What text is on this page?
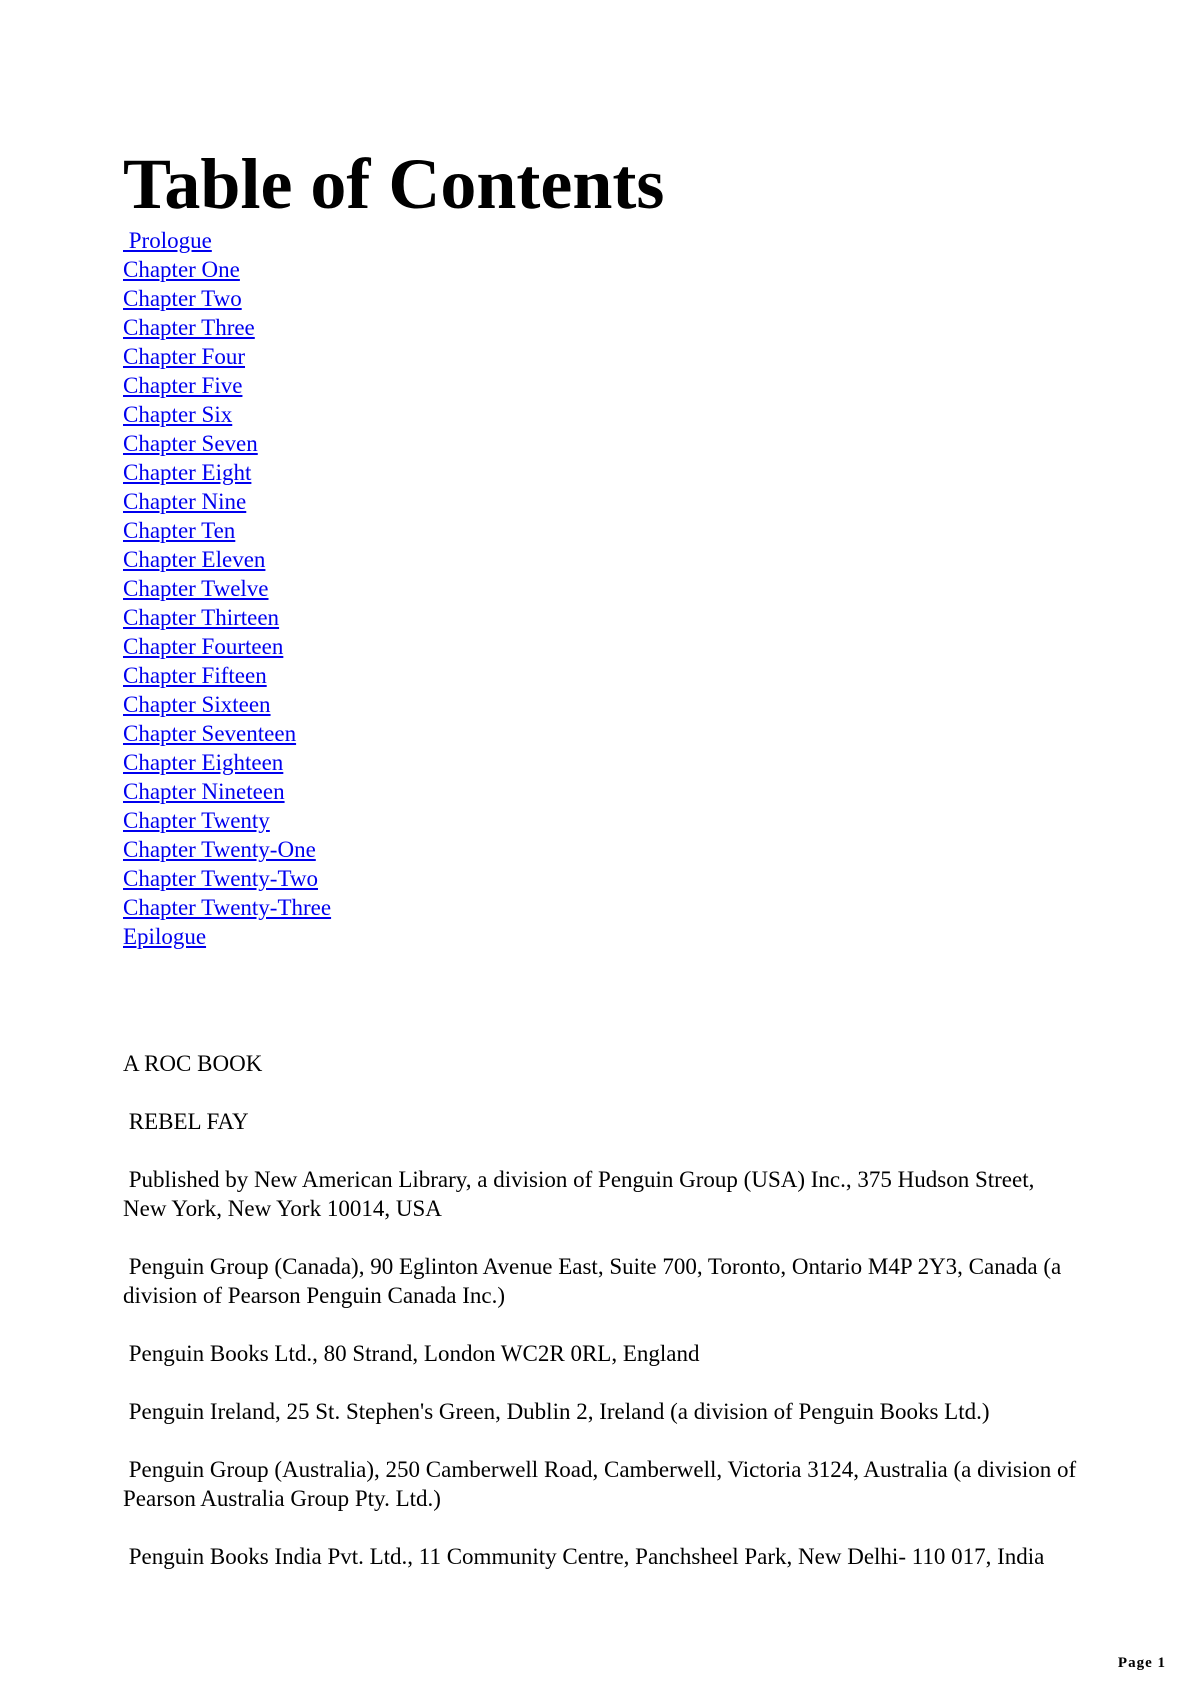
Table of Contents
Prologue
Chapter One
Chapter Two
Chapter Three
Chapter Four
Chapter Five
Chapter Six
Chapter Seven
Chapter Eight
Chapter Nine
Chapter Ten
Chapter Eleven
Chapter Twelve
Chapter Thirteen
Chapter Fourteen
Chapter Fifteen
Chapter Sixteen
Chapter Seventeen
Chapter Eighteen
Chapter Nineteen
Chapter Twenty
Chapter Twenty-One
Chapter Twenty-Two
Chapter Twenty-Three
Epilogue

A ROC BOOK

REBEL FAY

Published by New American Library, a division of Penguin Group (USA) Inc., 375 Hudson Street, New York, New York 10014, USA

Penguin Group (Canada), 90 Eglinton Avenue East, Suite 700, Toronto, Ontario M4P 2Y3, Canada (a division of Pearson Penguin Canada Inc.)

Penguin Books Ltd., 80 Strand, London WC2R 0RL, England

Penguin Ireland, 25 St. Stephen's Green, Dublin 2, Ireland (a division of Penguin Books Ltd.)

Penguin Group (Australia), 250 Camberwell Road, Camberwell, Victoria 3124, Australia (a division of Pearson Australia Group Pty. Ltd.)

Penguin Books India Pvt. Ltd., 11 Community Centre, Panchsheel Park, New Delhi- 110 017, India

Page 1
